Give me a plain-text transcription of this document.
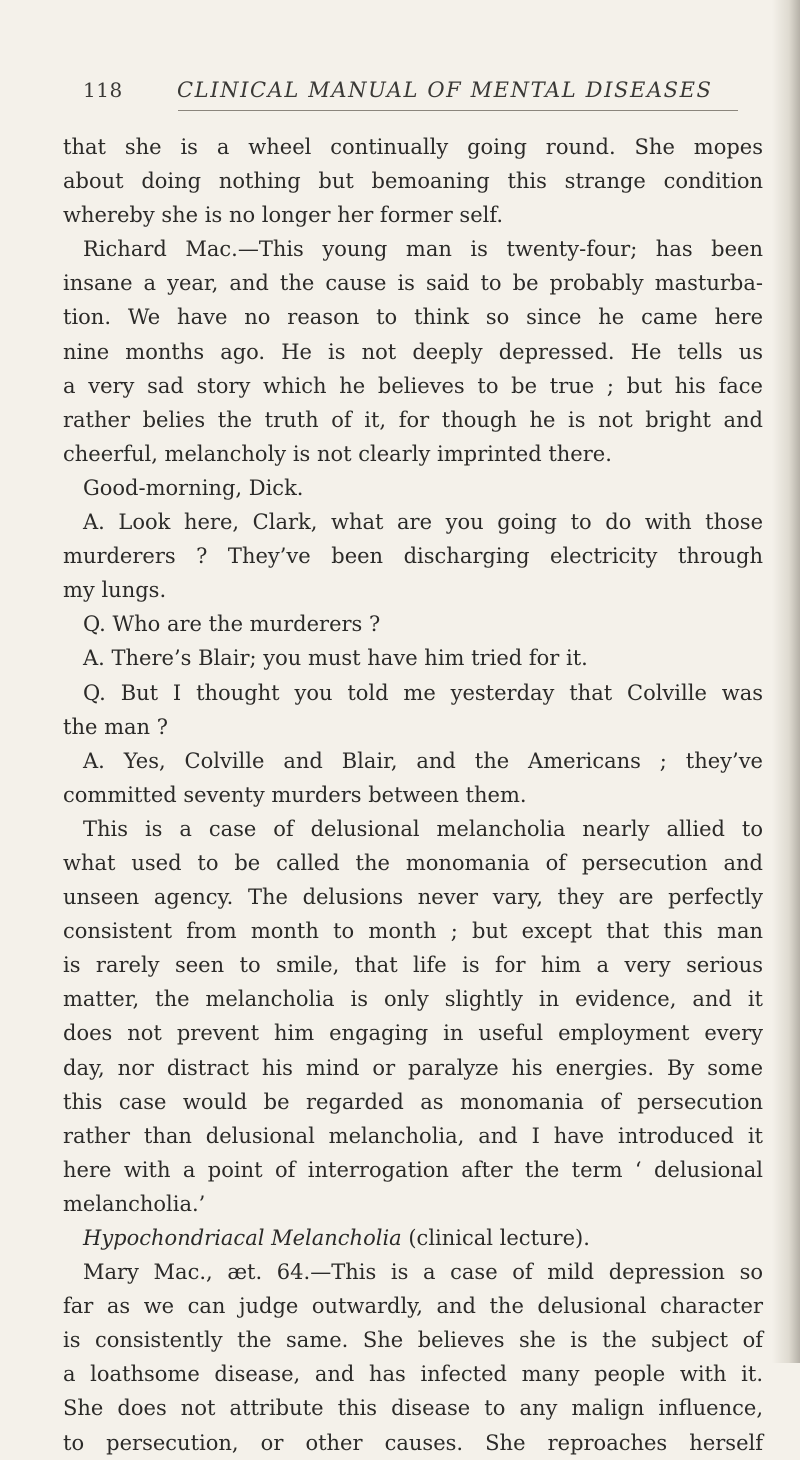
118	CLINICAL MANUAL OF MENTAL DISEASES
that she is a wheel continually going round. She mopes
about doing nothing but bemoaning this strange condition
whereby she is no longer her former self.
Richard Mac.—This young man is twenty-four; has been
insane a year, and the cause is said to be probably masturba-
tion. We have no reason to think so since he came here
nine months ago. He is not deeply depressed. He tells us
a very sad story which he believes to be true ; but his face
rather belies the truth of it, for though he is not bright and
cheerful, melancholy is not clearly imprinted there.
Good-morning, Dick.
A. Look here, Clark, what are you going to do with those
murderers ? They’ve been discharging electricity through
my lungs.
Q. Who are the murderers ?
A. There’s Blair; you must have him tried for it.
Q. But I thought you told me yesterday that Colville was
the man ?
A. Yes, Colville and Blair, and the Americans ; they’ve
committed seventy murders between them.
This is a case of delusional melancholia nearly allied to
what used to be called the monomania of persecution and
unseen agency. The delusions never vary, they are perfectly
consistent from month to month ; but except that this man
is rarely seen to smile, that life is for him a very serious
matter, the melancholia is only slightly in evidence, and it
does not prevent him engaging in useful employment every
day, nor distract his mind or paralyze his energies. By some
this case would be regarded as monomania of persecution
rather than delusional melancholia, and I have introduced it
here with a point of interrogation after the term ‘ delusional
melancholia.’
Hypochondriacal Melancholia (clinical lecture).
Mary Mac., æt. 64.—This is a case of mild depression so
far as we can judge outwardly, and the delusional character
is consistently the same. She believes she is the subject of
a loathsome disease, and has infected many people with it.
She does not attribute this disease to any malign influence,
to persecution, or other causes. She reproaches herself
